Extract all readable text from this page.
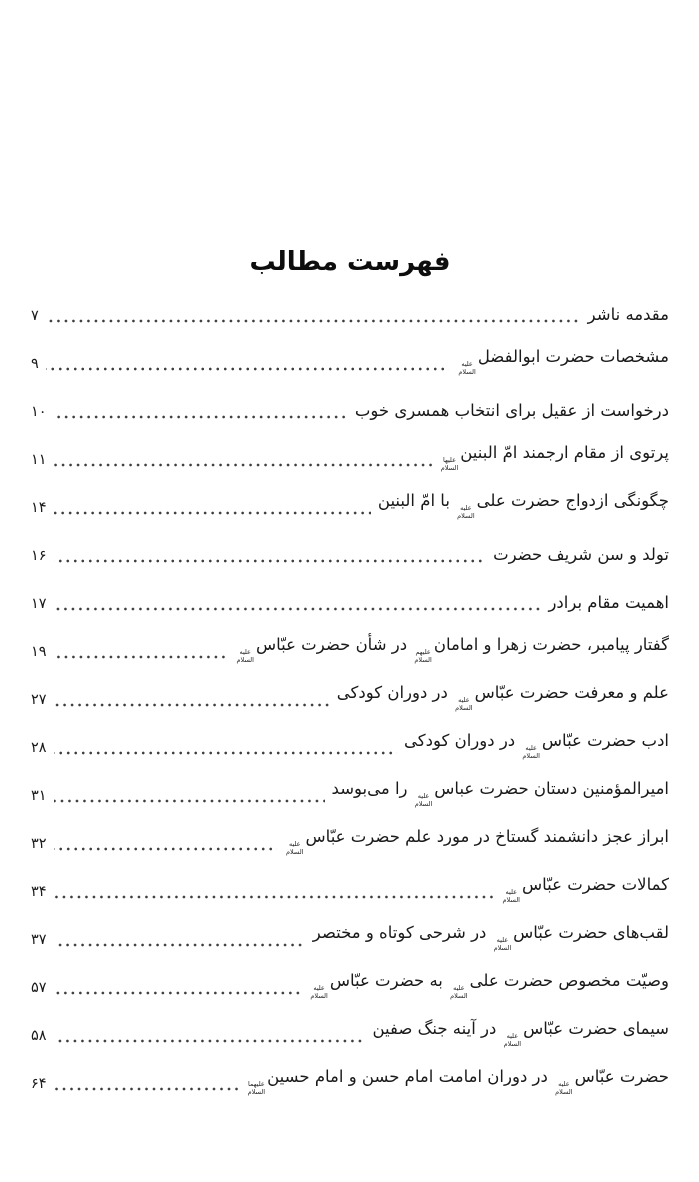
فهرست مطالب
مقدمه ناشر
۷
مشخصات حضرت ابوالفضل
علیه
السلام
۹
درخواست از عقیل برای انتخاب همسری خوب
۱۰
پرتوی از مقام ارجمند امّ البنین
علیها
السلام
۱۱
چگونگی ازدواج حضرت علی
علیه
السلام
با امّ البنین
۱۴
تولد و سن شریف حضرت
۱۶
اهمیت مقام برادر
۱۷
گفتار پیامبر، حضرت زهرا و امامان
علیهم
السلام
در شأن حضرت عبّاس
علیه
السلام
۱۹
علم و معرفت حضرت عبّاس
علیه
السلام
در دوران کودکی
۲۷
ادب حضرت عبّاس
علیه
السلام
در دوران کودکی
۲۸
امیرالمؤمنین دستان حضرت عباس
علیه
السلام
را می‌بوسد
۳۱
ابراز عجز دانشمند گستاخ در مورد علم حضرت عبّاس
علیه
السلام
۳۲
کمالات حضرت عبّاس
علیه
السلام
۳۴
لقب‌های حضرت عبّاس
علیه
السلام
در شرحی کوتاه و مختصر
۳۷
وصیّت مخصوص حضرت علی
علیه
السلام
به حضرت عبّاس
علیه
السلام
۵۷
سیمای حضرت عبّاس
علیه
السلام
در آینه جنگ صفین
۵۸
حضرت عبّاس
علیه
السلام
در دوران امامت امام حسن و امام حسین
علیهما
السلام
۶۴
